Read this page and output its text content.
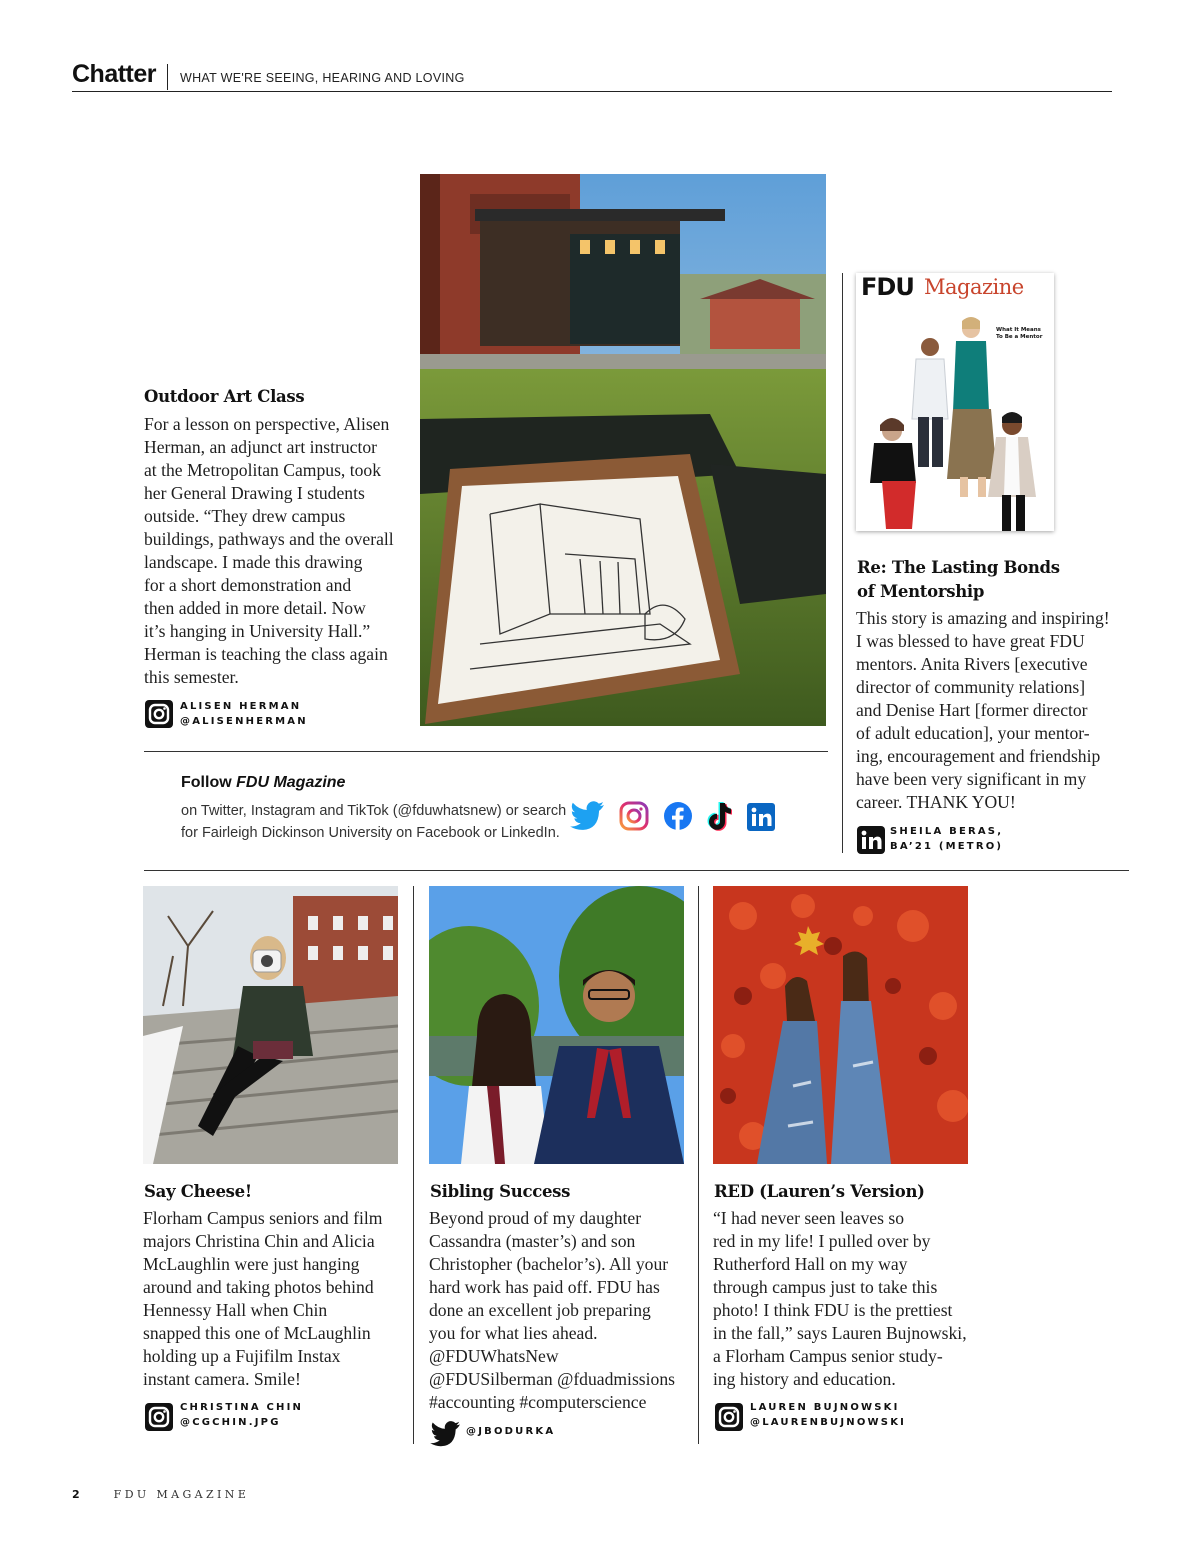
Chatter WHAT WE'RE SEEING, HEARING AND LOVING
Outdoor Art Class
For a lesson on perspective, Alisen
Herman, an adjunct art instructor
at the Metropolitan Campus, took
her General Drawing I students
outside. “They drew campus
buildings, pathways and the overall
landscape. I made this drawing
for a short demonstration and
then added in more detail. Now
it’s hanging in University Hall.”
Herman is teaching the class again
this semester.
ALISEN HERMAN
@ALISENHERMAN
FDU Magazine
What It Means
To Be a Mentor
Re: The Lasting Bonds
of Mentorship
This story is amazing and inspiring!
I was blessed to have great FDU
mentors. Anita Rivers [executive
director of community relations]
and Denise Hart [former director
of adult education], your mentor-
ing, encouragement and friendship
have been very significant in my
career. THANK YOU!
SHEILA BERAS,
BA’21 (METRO)
Follow FDU Magazine
on Twitter, Instagram and TikTok (@fduwhatsnew) or search
for Fairleigh Dickinson University on Facebook or LinkedIn.
Say Cheese!
Florham Campus seniors and film
majors Christina Chin and Alicia
McLaughlin were just hanging
around and taking photos behind
Hennessy Hall when Chin
snapped this one of McLaughlin
holding up a Fujifilm Instax
instant camera. Smile!
CHRISTINA CHIN
@CGCHIN.JPG
Sibling Success
Beyond proud of my daughter
Cassandra (master’s) and son
Christopher (bachelor’s). All your
hard work has paid off. FDU has
done an excellent job preparing
you for what lies ahead.
@FDUWhatsNew
@FDUSilberman @fduadmissions
#accounting #computerscience
@JBODURKA
RED (Lauren’s Version)
“I had never seen leaves so
red in my life! I pulled over by
Rutherford Hall on my way
through campus just to take this
photo! I think FDU is the prettiest
in the fall,” says Lauren Bujnowski,
a Florham Campus senior study-
ing history and education.
LAUREN BUJNOWSKI
@LAURENBUJNOWSKI
2	FDU MAGAZINE
